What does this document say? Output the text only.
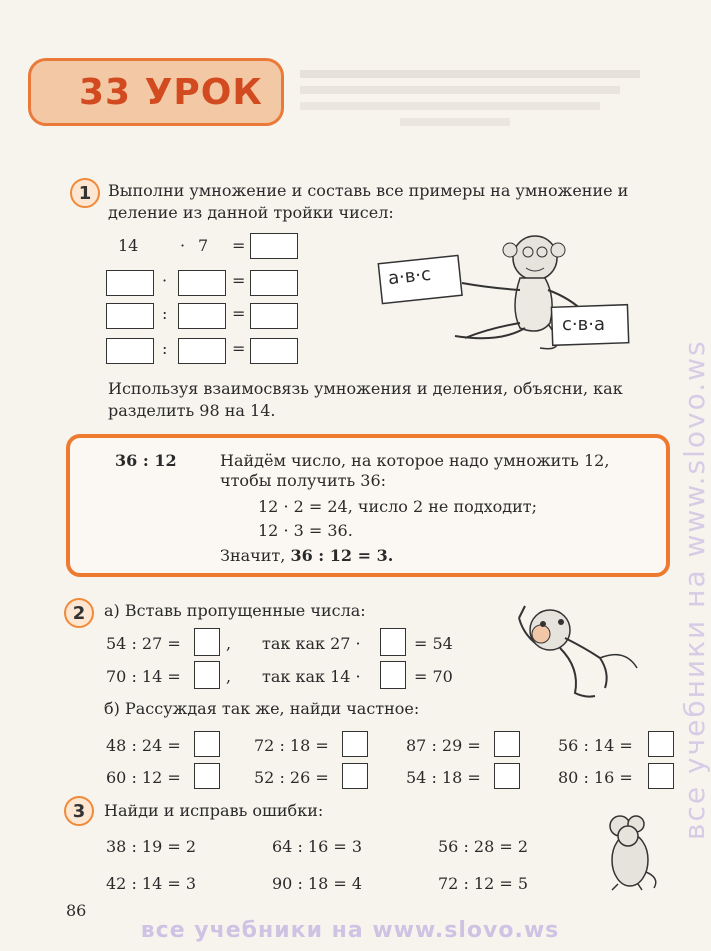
33 УРОК
1 Выполни умножение и составь все примеры на умножение и
деление из данной тройки чисел:
14	· 7 =
·	=
:	=
:	=
a·в·c
c·в·a
Используя взаимосвязь умножения и деления, объясни, как
разделить 98 на 14.
36 : 12	Найдём число, на которое надо умножить 12,
чтобы получить 36:
12 · 2 = 24, число 2 не подходит;
12 · 3 = 36.
Значит, 36 : 12 = 3.
2 а) Вставь пропущенные числа:
54 : 27 =	, так как 27 ·	= 54
70 : 14 =	, так как 14 ·	= 70
б) Рассуждая так же, найди частное:
48 : 24 =	72 : 18 =	87 : 29 =	56 : 14 =
60 : 12 =	52 : 26 =	54 : 18 =	80 : 16 =
3 Найди и исправь ошибки:
38 : 19 = 2	64 : 16 = 3	56 : 28 = 2
42 : 14 = 3	90 : 18 = 4	72 : 12 = 5
86
все учебники на www.slovo.ws
все учебники на www.slovo.ws
